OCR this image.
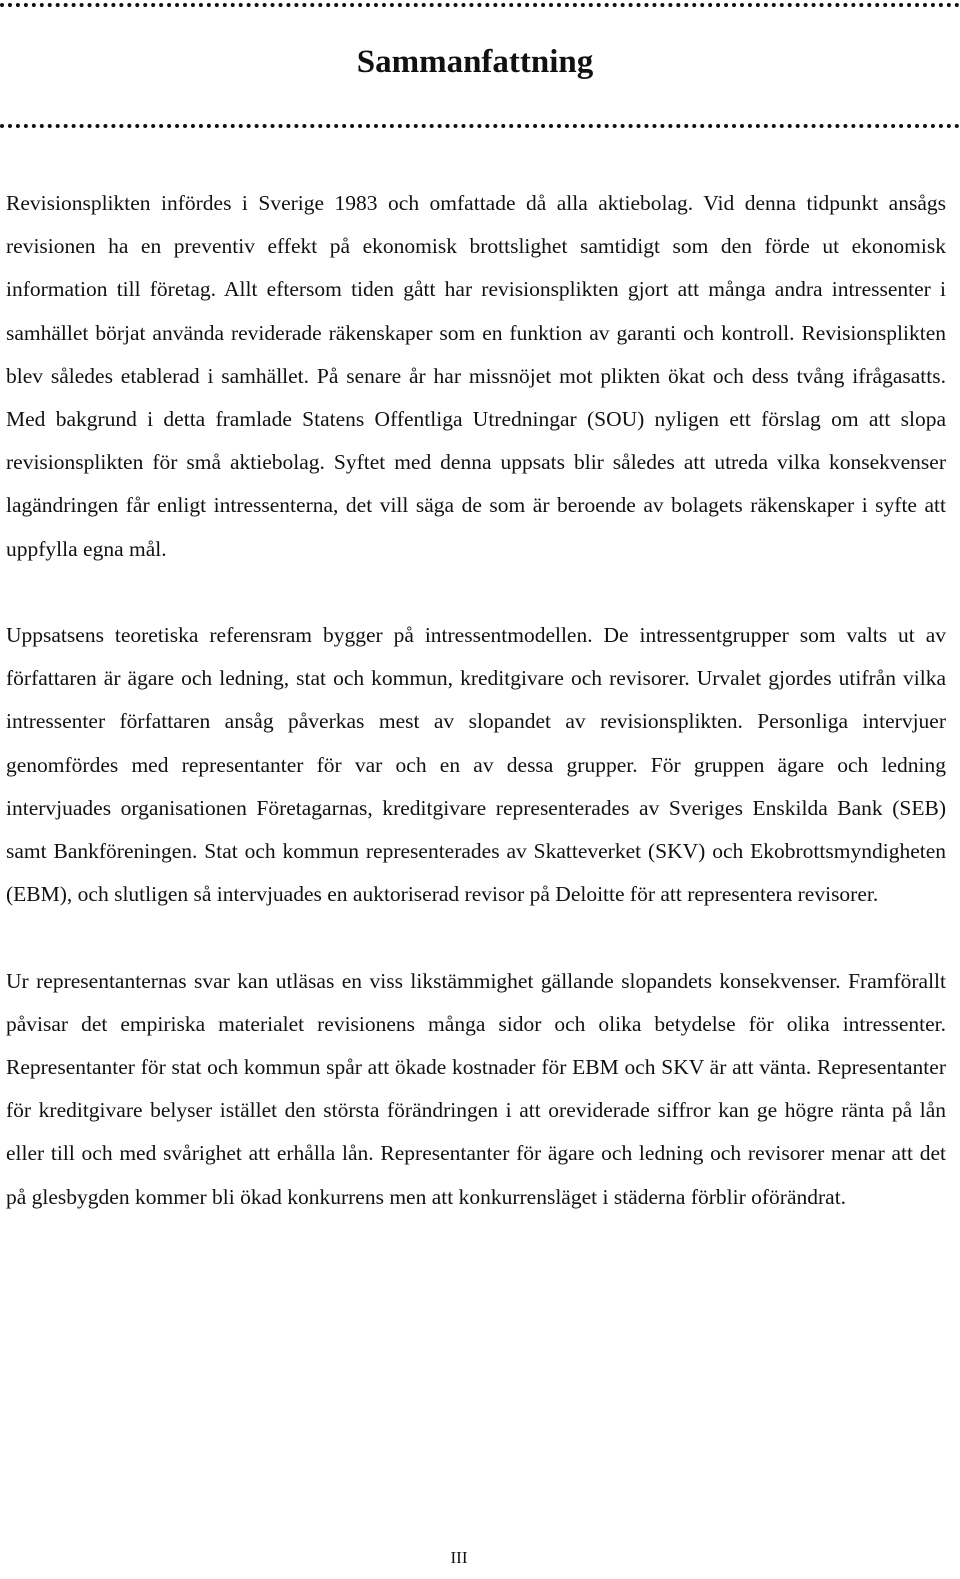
Sammanfattning

Revisionsplikten infördes i Sverige 1983 och omfattade då alla aktiebolag. Vid denna tidpunkt ansågs revisionen ha en preventiv effekt på ekonomisk brottslighet samtidigt som den förde ut ekonomisk information till företag. Allt eftersom tiden gått har revisionsplikten gjort att många andra intressenter i samhället börjat använda reviderade räkenskaper som en funktion av garanti och kontroll. Revisionsplikten blev således etablerad i samhället. På senare år har missnöjet mot plikten ökat och dess tvång ifrågasatts. Med bakgrund i detta framlade Statens Offentliga Utredningar (SOU) nyligen ett förslag om att slopa revisionsplikten för små aktiebolag. Syftet med denna uppsats blir således att utreda vilka konsekvenser lagändringen får enligt intressenterna, det vill säga de som är beroende av bolagets räkenskaper i syfte att uppfylla egna mål.

Uppsatsens teoretiska referensram bygger på intressentmodellen. De intressentgrupper som valts ut av författaren är ägare och ledning, stat och kommun, kreditgivare och revisorer. Urvalet gjordes utifrån vilka intressenter författaren ansåg påverkas mest av slopandet av revisionsplikten. Personliga intervjuer genomfördes med representanter för var och en av dessa grupper. För gruppen ägare och ledning intervjuades organisationen Företagarnas, kreditgivare representerades av Sveriges Enskilda Bank (SEB) samt Bankföreningen. Stat och kommun representerades av Skatteverket (SKV) och Ekobrottsmyndigheten (EBM), och slutligen så intervjuades en auktoriserad revisor på Deloitte för att representera revisorer.

Ur representanternas svar kan utläsas en viss likstämmighet gällande slopandets konsekvenser. Framförallt påvisar det empiriska materialet revisionens många sidor och olika betydelse för olika intressenter. Representanter för stat och kommun spår att ökade kostnader för EBM och SKV är att vänta. Representanter för kreditgivare belyser istället den största förändringen i att oreviderade siffror kan ge högre ränta på lån eller till och med svårighet att erhålla lån. Representanter för ägare och ledning och revisorer menar att det på glesbygden kommer bli ökad konkurrens men att konkurrensläget i städerna förblir oförändrat.

III
